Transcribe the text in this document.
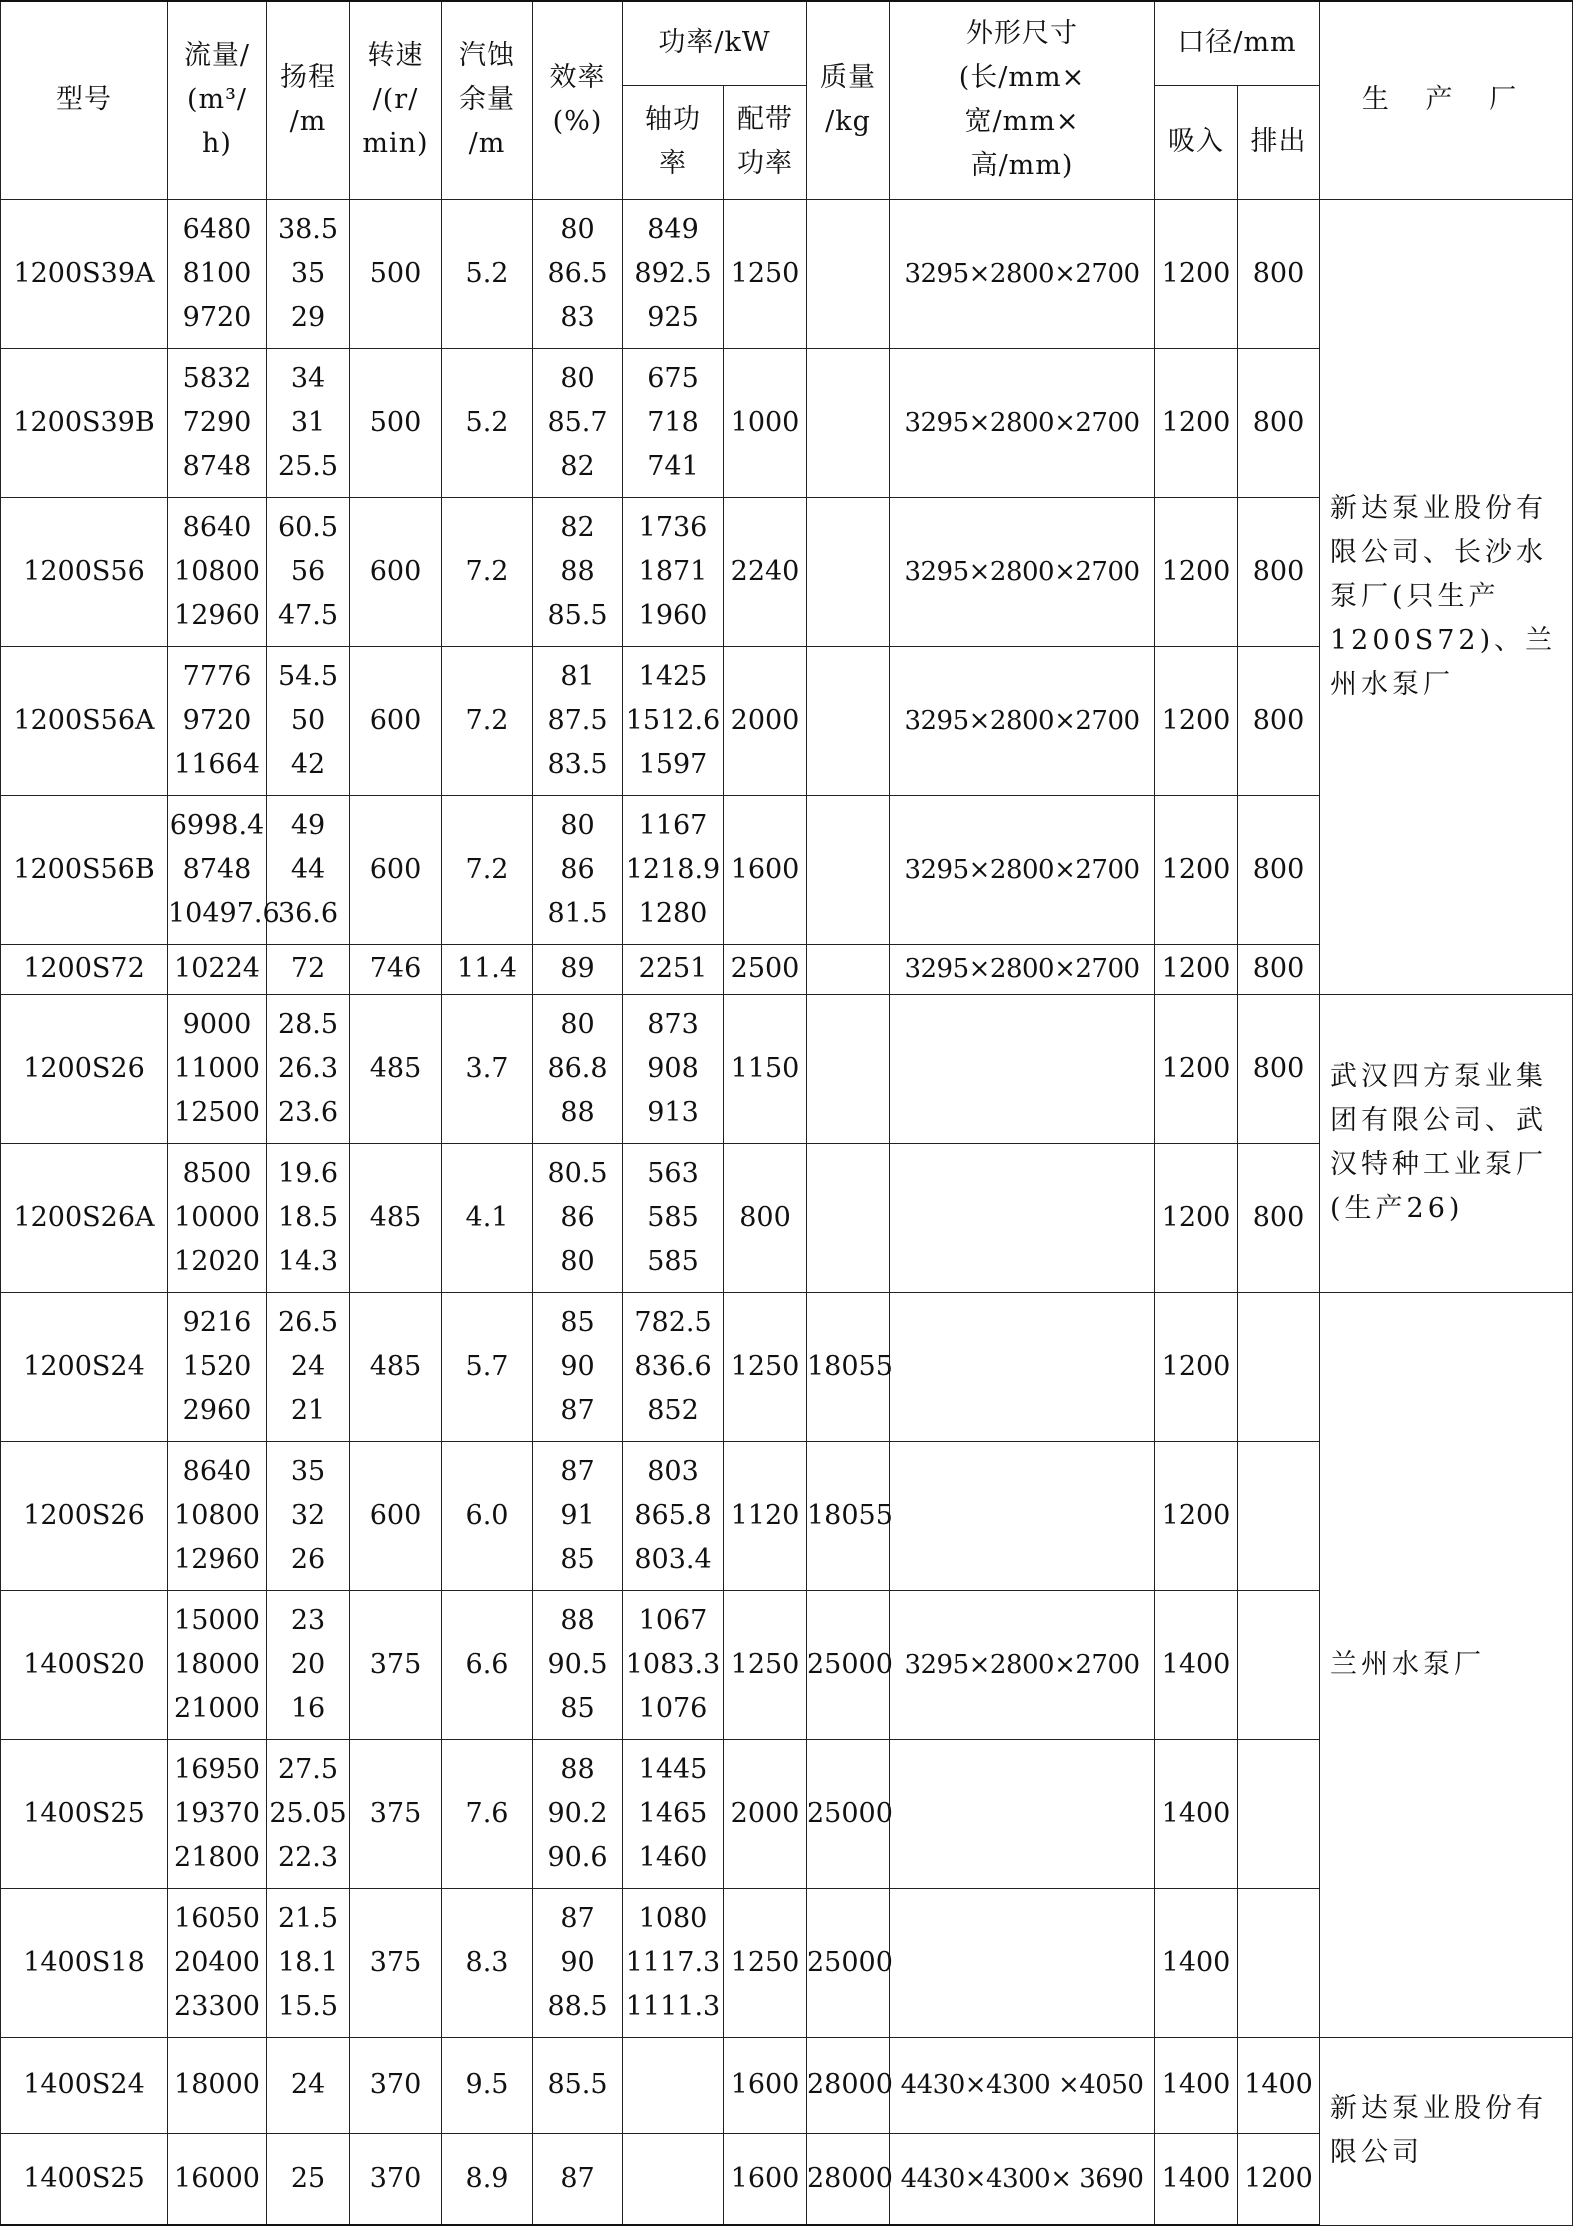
型号	流量/
(m³/
h)	扬程
/m	转速
/(r/
min)	汽蚀
余量
/m	效率
(%)	功率/kW		质量
/kg	外形尺寸
(长/mm×
宽/mm×
高/mm)	口径/mm		生 产 厂

						轴功
率	配带
功率			吸入	排出	
1200S39A	6480
8100
9720	38.5
35
29	500	5.2	80
86.5
83	849
892.5
925	1250		3295×2800×2700	1200	800	新达泵业股份有限公司、长沙水泵厂(只生产1200S72)、兰州水泵厂
1200S39B	5832
7290
8748	34
31
25.5	500	5.2	80
85.7
82	675
718
741	1000		3295×2800×2700	1200	800	
1200S56	8640
10800
12960	60.5
56
47.5	600	7.2	82
88
85.5	1736
1871
1960	2240		3295×2800×2700	1200	800	
1200S56A	7776
9720
11664	54.5
50
42	600	7.2	81
87.5
83.5	1425
1512.6
1597	2000		3295×2800×2700	1200	800	
1200S56B	6998.4
8748
10497.6	49
44
36.6	600	7.2	80
86
81.5	1167
1218.9
1280	1600		3295×2800×2700	1200	800	
1200S72	10224	72	746	11.4	89	2251	2500		3295×2800×2700	1200	800	
1200S26	9000
11000
12500	28.5
26.3
23.6	485	3.7	80
86.8
88	873
908
913	1150			1200	800	武汉四方泵业集团有限公司、武汉特种工业泵厂(生产26)
1200S26A	8500
10000
12020	19.6
18.5
14.3	485	4.1	80.5
86
80	563
585
585	800			1200	800	
1200S24	9216
1520
2960	26.5
24
21	485	5.7	85
90
87	782.5
836.6
852	1250	18055		1200		兰州水泵厂
1200S26	8640
10800
12960	35
32
26	600	6.0	87
91
85	803
865.8
803.4	1120	18055		1200		
1400S20	15000
18000
21000	23
20
16	375	6.6	88
90.5
85	1067
1083.3
1076	1250	25000	3295×2800×2700	1400		
1400S25	16950
19370
21800	27.5
25.05
22.3	375	7.6	88
90.2
90.6	1445
1465
1460	2000	25000		1400		
1400S18	16050
20400
23300	21.5
18.1
15.5	375	8.3	87
90
88.5	1080
1117.3
1111.3	1250	25000		1400		
1400S24	18000	24	370	9.5	85.5		1600	28000	4430×4300 ×4050	1400	1400	新达泵业股份有限公司
1400S25	16000	25	370	8.9	87		1600	28000	4430×4300× 3690	1400	1200	
